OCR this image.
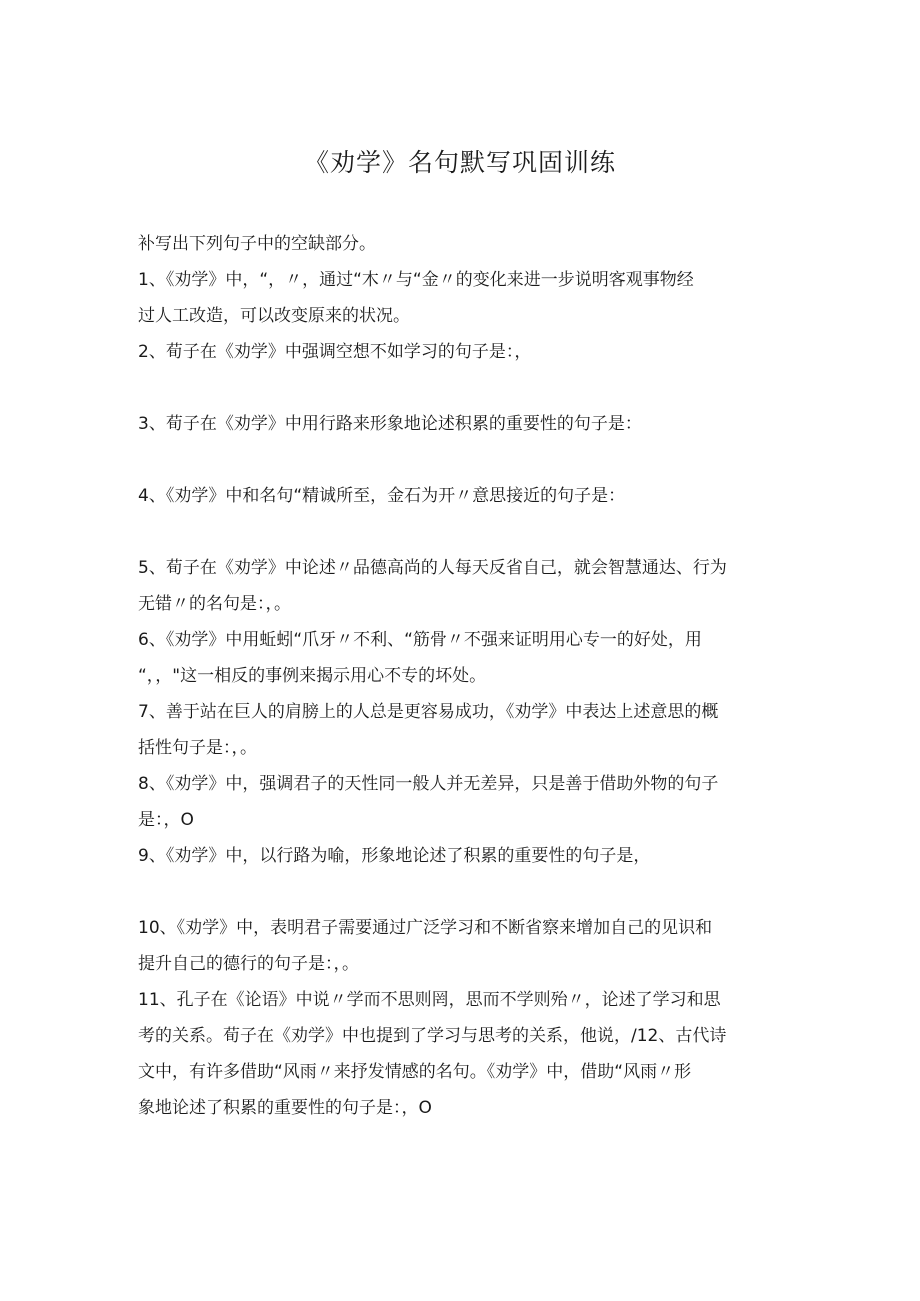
《劝学》名句默写巩固训练

补写出下列句子中的空缺部分。

1、《劝学》中，“，〃，通过“木〃与“金〃的变化来进一步说明客观事物经

过人工改造，可以改变原来的状况。

2、荀子在《劝学》中强调空想不如学习的句子是：，

3、荀子在《劝学》中用行路来形象地论述积累的重要性的句子是：

4、《劝学》中和名句“精诚所至，金石为开〃意思接近的句子是：

5、荀子在《劝学》中论述〃品德高尚的人每天反省自己，就会智慧通达、行为

无错〃的名句是：，。

6、《劝学》中用蚯蚓“爪牙〃不利、“筋骨〃不强来证明用心专一的好处，用

“，，"这一相反的事例来揭示用心不专的坏处。

7、善于站在巨人的肩膀上的人总是更容易成功，《劝学》中表达上述意思的概

括性句子是：，。

8、《劝学》中，强调君子的天性同一般人并无差异，只是善于借助外物的句子

是：，O

9、《劝学》中，以行路为喻，形象地论述了积累的重要性的句子是，

10、《劝学》中，表明君子需要通过广泛学习和不断省察来增加自己的见识和

提升自己的德行的句子是：，。

11、孔子在《论语》中说〃学而不思则罔，思而不学则殆〃，论述了学习和思

考的关系。荀子在《劝学》中也提到了学习与思考的关系，他说，/12、古代诗

文中，有许多借助“风雨〃来抒发情感的名句。《劝学》中，借助“风雨〃形

象地论述了积累的重要性的句子是：，O
